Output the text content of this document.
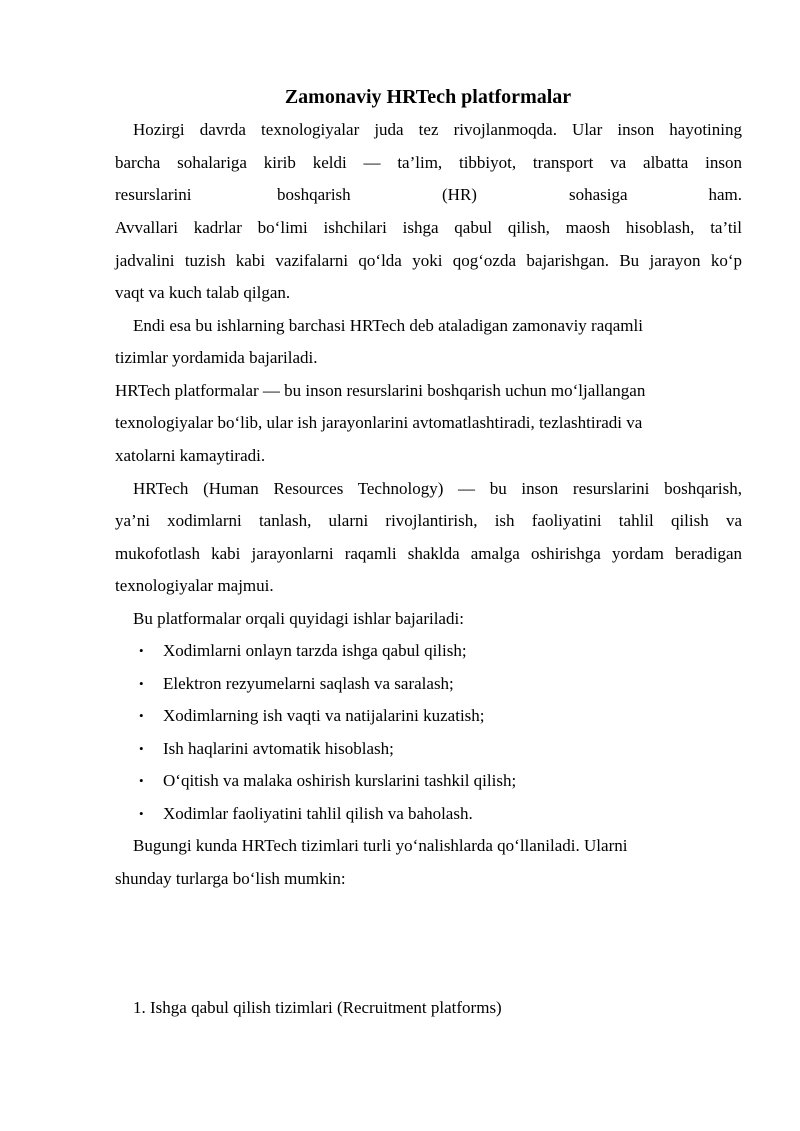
Zamonaviy HRTech platformalar
Hozirgi davrda texnologiyalar juda tez rivojlanmoqda. Ular inson hayotining
barcha sohalariga kirib keldi — ta’lim, tibbiyot, transport va albatta inson
resurslarini	boshqarish	(HR)	sohasiga	ham.
Avvallari kadrlar bo‘limi ishchilari ishga qabul qilish, maosh hisoblash, ta’til
jadvalini tuzish kabi vazifalarni qo‘lda yoki qog‘ozda bajarishgan. Bu jarayon ko‘p
vaqt va kuch talab qilgan.
Endi esa bu ishlarning barchasi HRTech deb ataladigan zamonaviy raqamli
tizimlar yordamida bajariladi.
HRTech platformalar — bu inson resurslarini boshqarish uchun mo‘ljallangan
texnologiyalar bo‘lib, ular ish jarayonlarini avtomatlashtiradi, tezlashtiradi va
xatolarni kamaytiradi.
HRTech (Human Resources Technology) — bu inson resurslarini boshqarish,
ya’ni xodimlarni tanlash, ularni rivojlantirish, ish faoliyatini tahlil qilish va
mukofotlash kabi jarayonlarni raqamli shaklda amalga oshirishga yordam beradigan
texnologiyalar majmui.
Bu platformalar orqali quyidagi ishlar bajariladi:
• Xodimlarni onlayn tarzda ishga qabul qilish;
• Elektron rezyumelarni saqlash va saralash;
• Xodimlarning ish vaqti va natijalarini kuzatish;
• Ish haqlarini avtomatik hisoblash;
• O‘qitish va malaka oshirish kurslarini tashkil qilish;
• Xodimlar faoliyatini tahlil qilish va baholash.
Bugungi kunda HRTech tizimlari turli yo‘nalishlarda qo‘llaniladi. Ularni
shunday turlarga bo‘lish mumkin:
1. Ishga qabul qilish tizimlari (Recruitment platforms)
